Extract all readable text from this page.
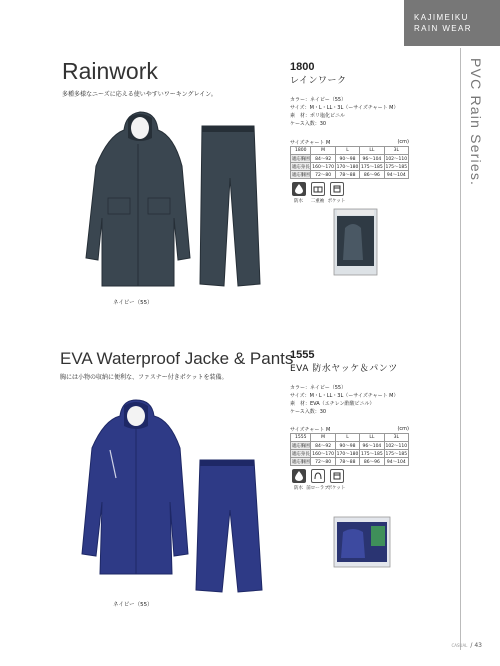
KAJIMEIKU
RAIN WEAR
PVC Rain Series.
Rainwork
多種多様なニーズに応える使いやすいワーキングレイン。
1800
レインワーク
カラー：ネイビー（55）
サイズ：M・L・LL・3L（ーサイズチャート M）
素　材：ポリ塩化ビニル
ケース入数：30
サイズチャート M	(cm)
1800	M	L	LL	3L
適応胸囲	84〜92	90〜98	96〜104	102〜110
適応身長	160〜170	170〜180	175〜185	175〜185
適応胴囲	72〜80	78〜88	86〜96	94〜104
防水 二重袖 ポケット
ネイビー（55）
EVA Waterproof Jacke & Pants
胸には小物の収納に便利な、ファスナー付きポケットを装備。
1555
EVA 防水ヤッケ＆パンツ
カラー：ネイビー（55）
サイズ：M・L・LL・3L（ーサイズチャート M）
素　材：EVA（エチレン酢酸ビニル）
ケース入数：30
サイズチャート M	(cm)
1555	M	L	LL	3L
適応胸囲	84〜92	90〜98	96〜104	102〜110
適応身長	160〜170	170〜180	175〜185	175〜185
適応胴囲	72〜80	78〜88	86〜96	94〜104
防水 前ローラブ
ポケット
ネイビー（55）
CASUAL / 43
